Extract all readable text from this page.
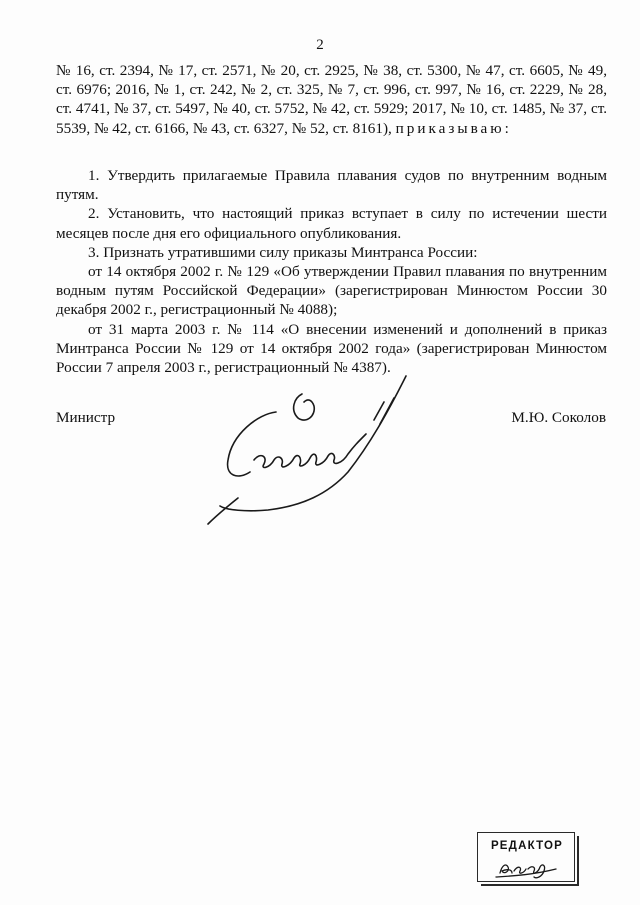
2
№ 16, ст. 2394, № 17, ст. 2571, № 20, ст. 2925, № 38, ст. 5300, № 47, ст. 6605, № 49, ст. 6976; 2016, № 1, ст. 242, № 2, ст. 325, № 7, ст. 996, ст. 997, № 16, ст. 2229, № 28, ст. 4741, № 37, ст. 5497, № 40, ст. 5752, № 42, ст. 5929; 2017, № 10, ст. 1485, № 37, ст. 5539, № 42, ст. 6166, № 43, ст. 6327, № 52, ст. 8161), приказываю:

1. Утвердить прилагаемые Правила плавания судов по внутренним водным путям.

2. Установить, что настоящий приказ вступает в силу по истечении шести месяцев после дня его официального опубликования.

3. Признать утратившими силу приказы Минтранса России:

от 14 октября 2002 г. № 129 «Об утверждении Правил плавания по внутренним водным путям Российской Федерации» (зарегистрирован Минюстом России 30 декабря 2002 г., регистрационный № 4088);

от 31 марта 2003 г. № 114 «О внесении изменений и дополнений в приказ Минтранса России № 129 от 14 октября 2002 года» (зарегистрирован Минюстом России 7 апреля 2003 г., регистрационный № 4387).

Министр	М.Ю. Соколов
РЕДАКТОР
